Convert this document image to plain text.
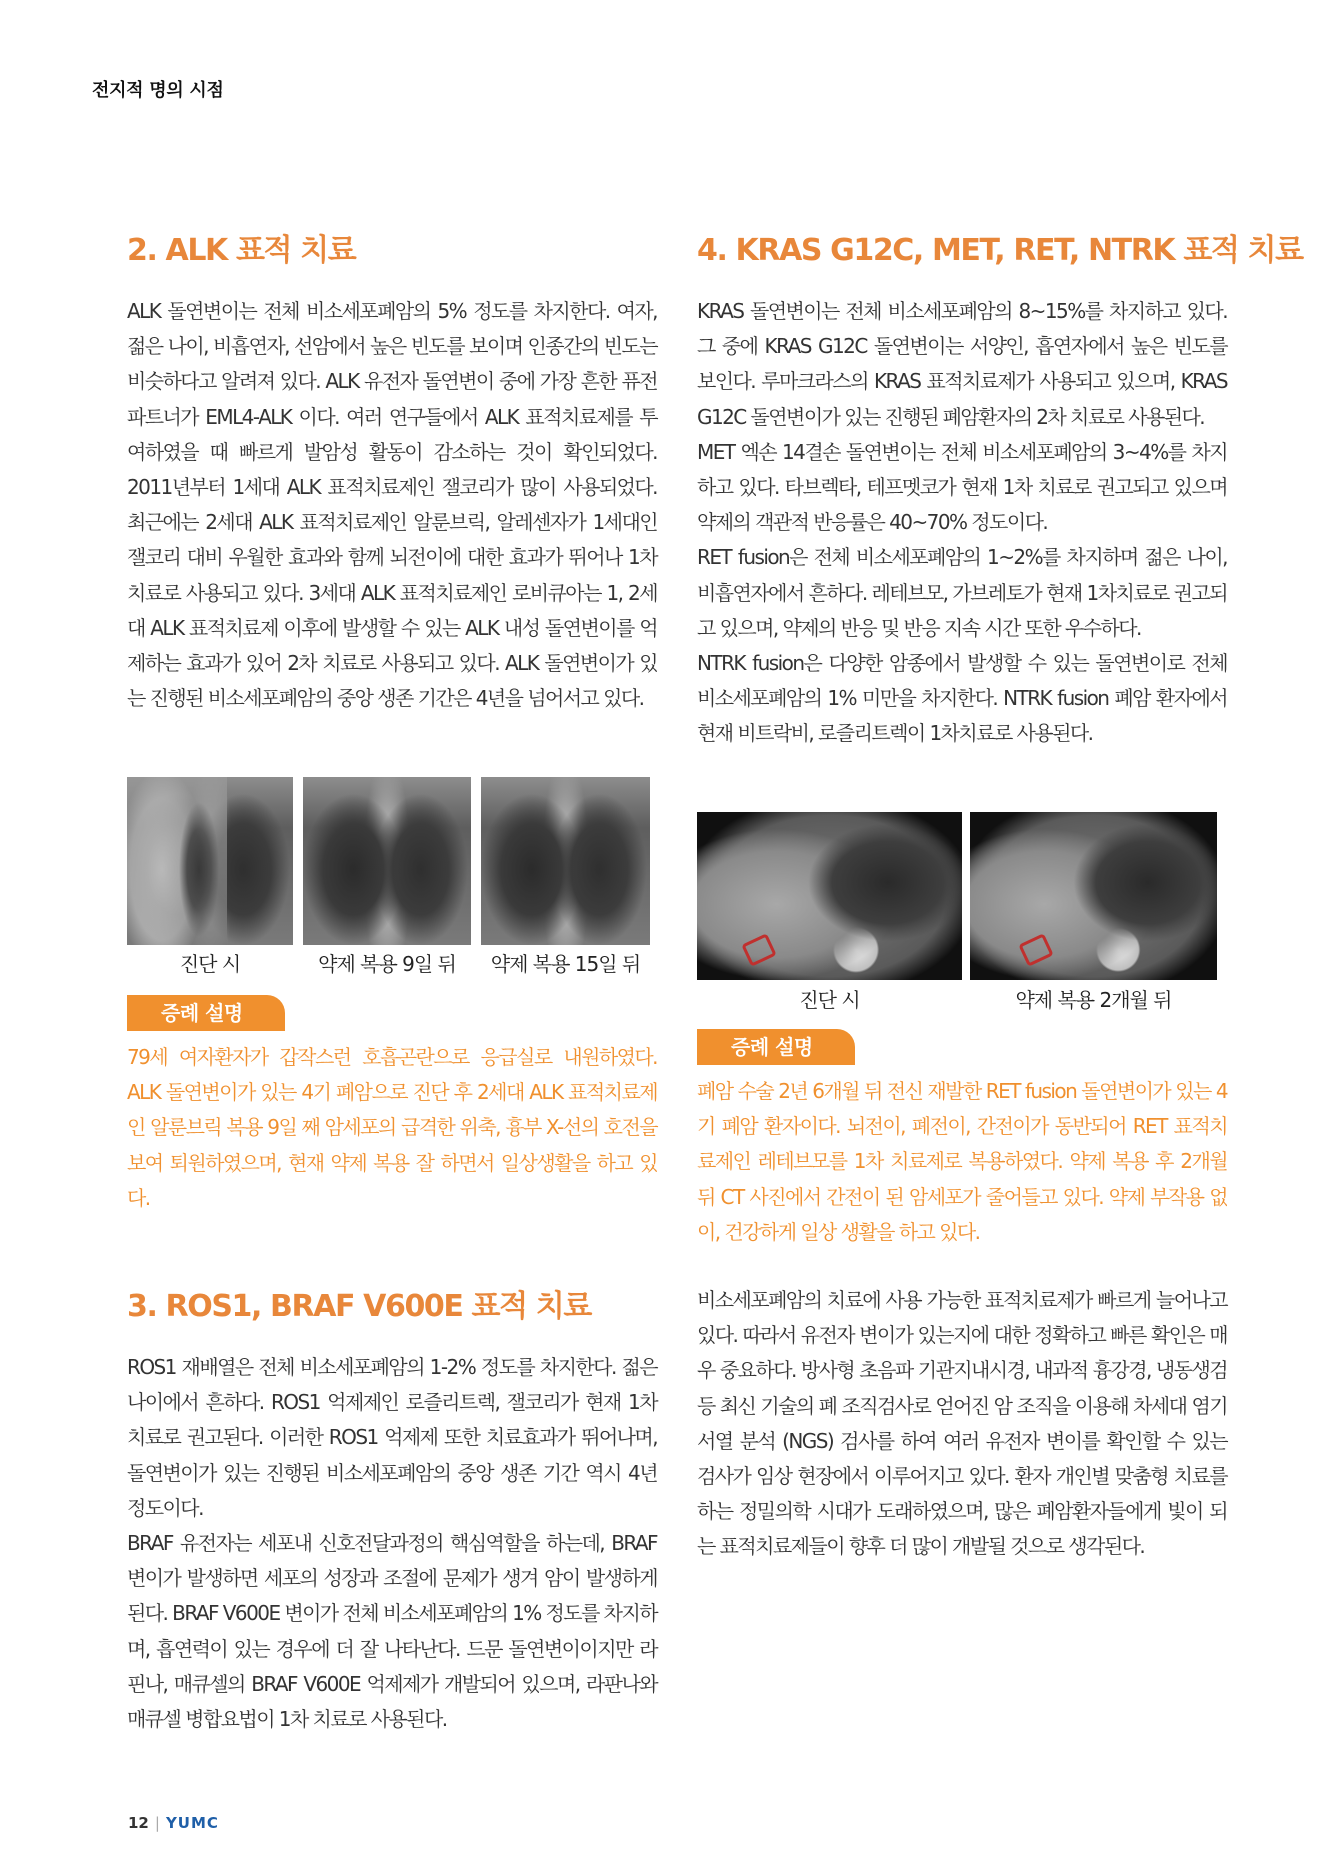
전지적 명의 시점
2. ALK 표적 치료

ALK 돌연변이는 전체 비소세포폐암의 5% 정도를 차지한다. 여자, 젊은 나이, 비흡연자, 선암에서 높은 빈도를 보이며 인종간의 빈도는 비슷하다고 알려져 있다. ALK 유전자 돌연변이 중에 가장 흔한 퓨전 파트너가 EML4-ALK 이다. 여러 연구들에서 ALK 표적치료제를 투여하였을 때 빠르게 발암성 활동이 감소하는 것이 확인되었다. 2011년부터 1세대 ALK 표적치료제인 잴코리가 많이 사용되었다. 최근에는 2세대 ALK 표적치료제인 알룬브릭, 알레센자가 1세대인 잴코리 대비 우월한 효과와 함께 뇌전이에 대한 효과가 뛰어나 1차 치료로 사용되고 있다. 3세대 ALK 표적치료제인 로비큐아는 1, 2세대 ALK 표적치료제 이후에 발생할 수 있는 ALK 내성 돌연변이를 억제하는 효과가 있어 2차 치료로 사용되고 있다. ALK 돌연변이가 있는 진행된 비소세포폐암의 중앙 생존 기간은 4년을 넘어서고 있다.

진단 시	약제 복용 9일 뒤	약제 복용 15일 뒤
증례 설명

79세 여자환자가 갑작스런 호흡곤란으로 응급실로 내원하였다. ALK 돌연변이가 있는 4기 폐암으로 진단 후 2세대 ALK 표적치료제인 알룬브릭 복용 9일 째 암세포의 급격한 위축, 흉부 X-선의 호전을 보여 퇴원하였으며, 현재 약제 복용 잘 하면서 일상생활을 하고 있다.

3. ROS1, BRAF V600E 표적 치료

ROS1 재배열은 전체 비소세포폐암의 1-2% 정도를 차지한다. 젊은 나이에서 흔하다. ROS1 억제제인 로즐리트렉, 잴코리가 현재 1차 치료로 권고된다. 이러한 ROS1 억제제 또한 치료효과가 뛰어나며, 돌연변이가 있는 진행된 비소세포폐암의 중앙 생존 기간 역시 4년 정도이다.

BRAF 유전자는 세포내 신호전달과정의 핵심역할을 하는데, BRAF 변이가 발생하면 세포의 성장과 조절에 문제가 생겨 암이 발생하게 된다. BRAF V600E 변이가 전체 비소세포폐암의 1% 정도를 차지하며, 흡연력이 있는 경우에 더 잘 나타난다. 드문 돌연변이이지만 라핀나, 매큐셀의 BRAF V600E 억제제가 개발되어 있으며, 라판나와 매큐셀 병합요법이 1차 치료로 사용된다.

4. KRAS G12C, MET, RET, NTRK 표적 치료

KRAS 돌연변이는 전체 비소세포폐암의 8~15%를 차지하고 있다. 그 중에 KRAS G12C 돌연변이는 서양인, 흡연자에서 높은 빈도를 보인다. 루마크라스의 KRAS 표적치료제가 사용되고 있으며, KRAS G12C 돌연변이가 있는 진행된 폐암환자의 2차 치료로 사용된다.

MET 엑손 14결손 돌연변이는 전체 비소세포폐암의 3~4%를 차지하고 있다. 타브렉타, 테프멧코가 현재 1차 치료로 권고되고 있으며 약제의 객관적 반응률은 40~70% 정도이다.

RET fusion은 전체 비소세포폐암의 1~2%를 차지하며 젊은 나이, 비흡연자에서 흔하다. 레테브모, 가브레토가 현재 1차치료로 권고되고 있으며, 약제의 반응 및 반응 지속 시간 또한 우수하다.

NTRK fusion은 다양한 암종에서 발생할 수 있는 돌연변이로 전체 비소세포폐암의 1% 미만을 차지한다. NTRK fusion 폐암 환자에서 현재 비트락비, 로즐리트렉이 1차치료로 사용된다.

진단 시	약제 복용 2개월 뒤
증례 설명

폐암 수술 2년 6개월 뒤 전신 재발한 RET fusion 돌연변이가 있는 4기 폐암 환자이다. 뇌전이, 폐전이, 간전이가 동반되어 RET 표적치료제인 레테브모를 1차 치료제로 복용하였다. 약제 복용 후 2개월 뒤 CT 사진에서 간전이 된 암세포가 줄어들고 있다. 약제 부작용 없이, 건강하게 일상 생활을 하고 있다.

비소세포폐암의 치료에 사용 가능한 표적치료제가 빠르게 늘어나고 있다. 따라서 유전자 변이가 있는지에 대한 정확하고 빠른 확인은 매우 중요하다. 방사형 초음파 기관지내시경, 내과적 흉강경, 냉동생검 등 최신 기술의 폐 조직검사로 얻어진 암 조직을 이용해 차세대 염기서열 분석 (NGS) 검사를 하여 여러 유전자 변이를 확인할 수 있는 검사가 임상 현장에서 이루어지고 있다. 환자 개인별 맞춤형 치료를 하는 정밀의학 시대가 도래하였으며, 많은 폐암환자들에게 빛이 되는 표적치료제들이 향후 더 많이 개발될 것으로 생각된다.

12 | YUMC
